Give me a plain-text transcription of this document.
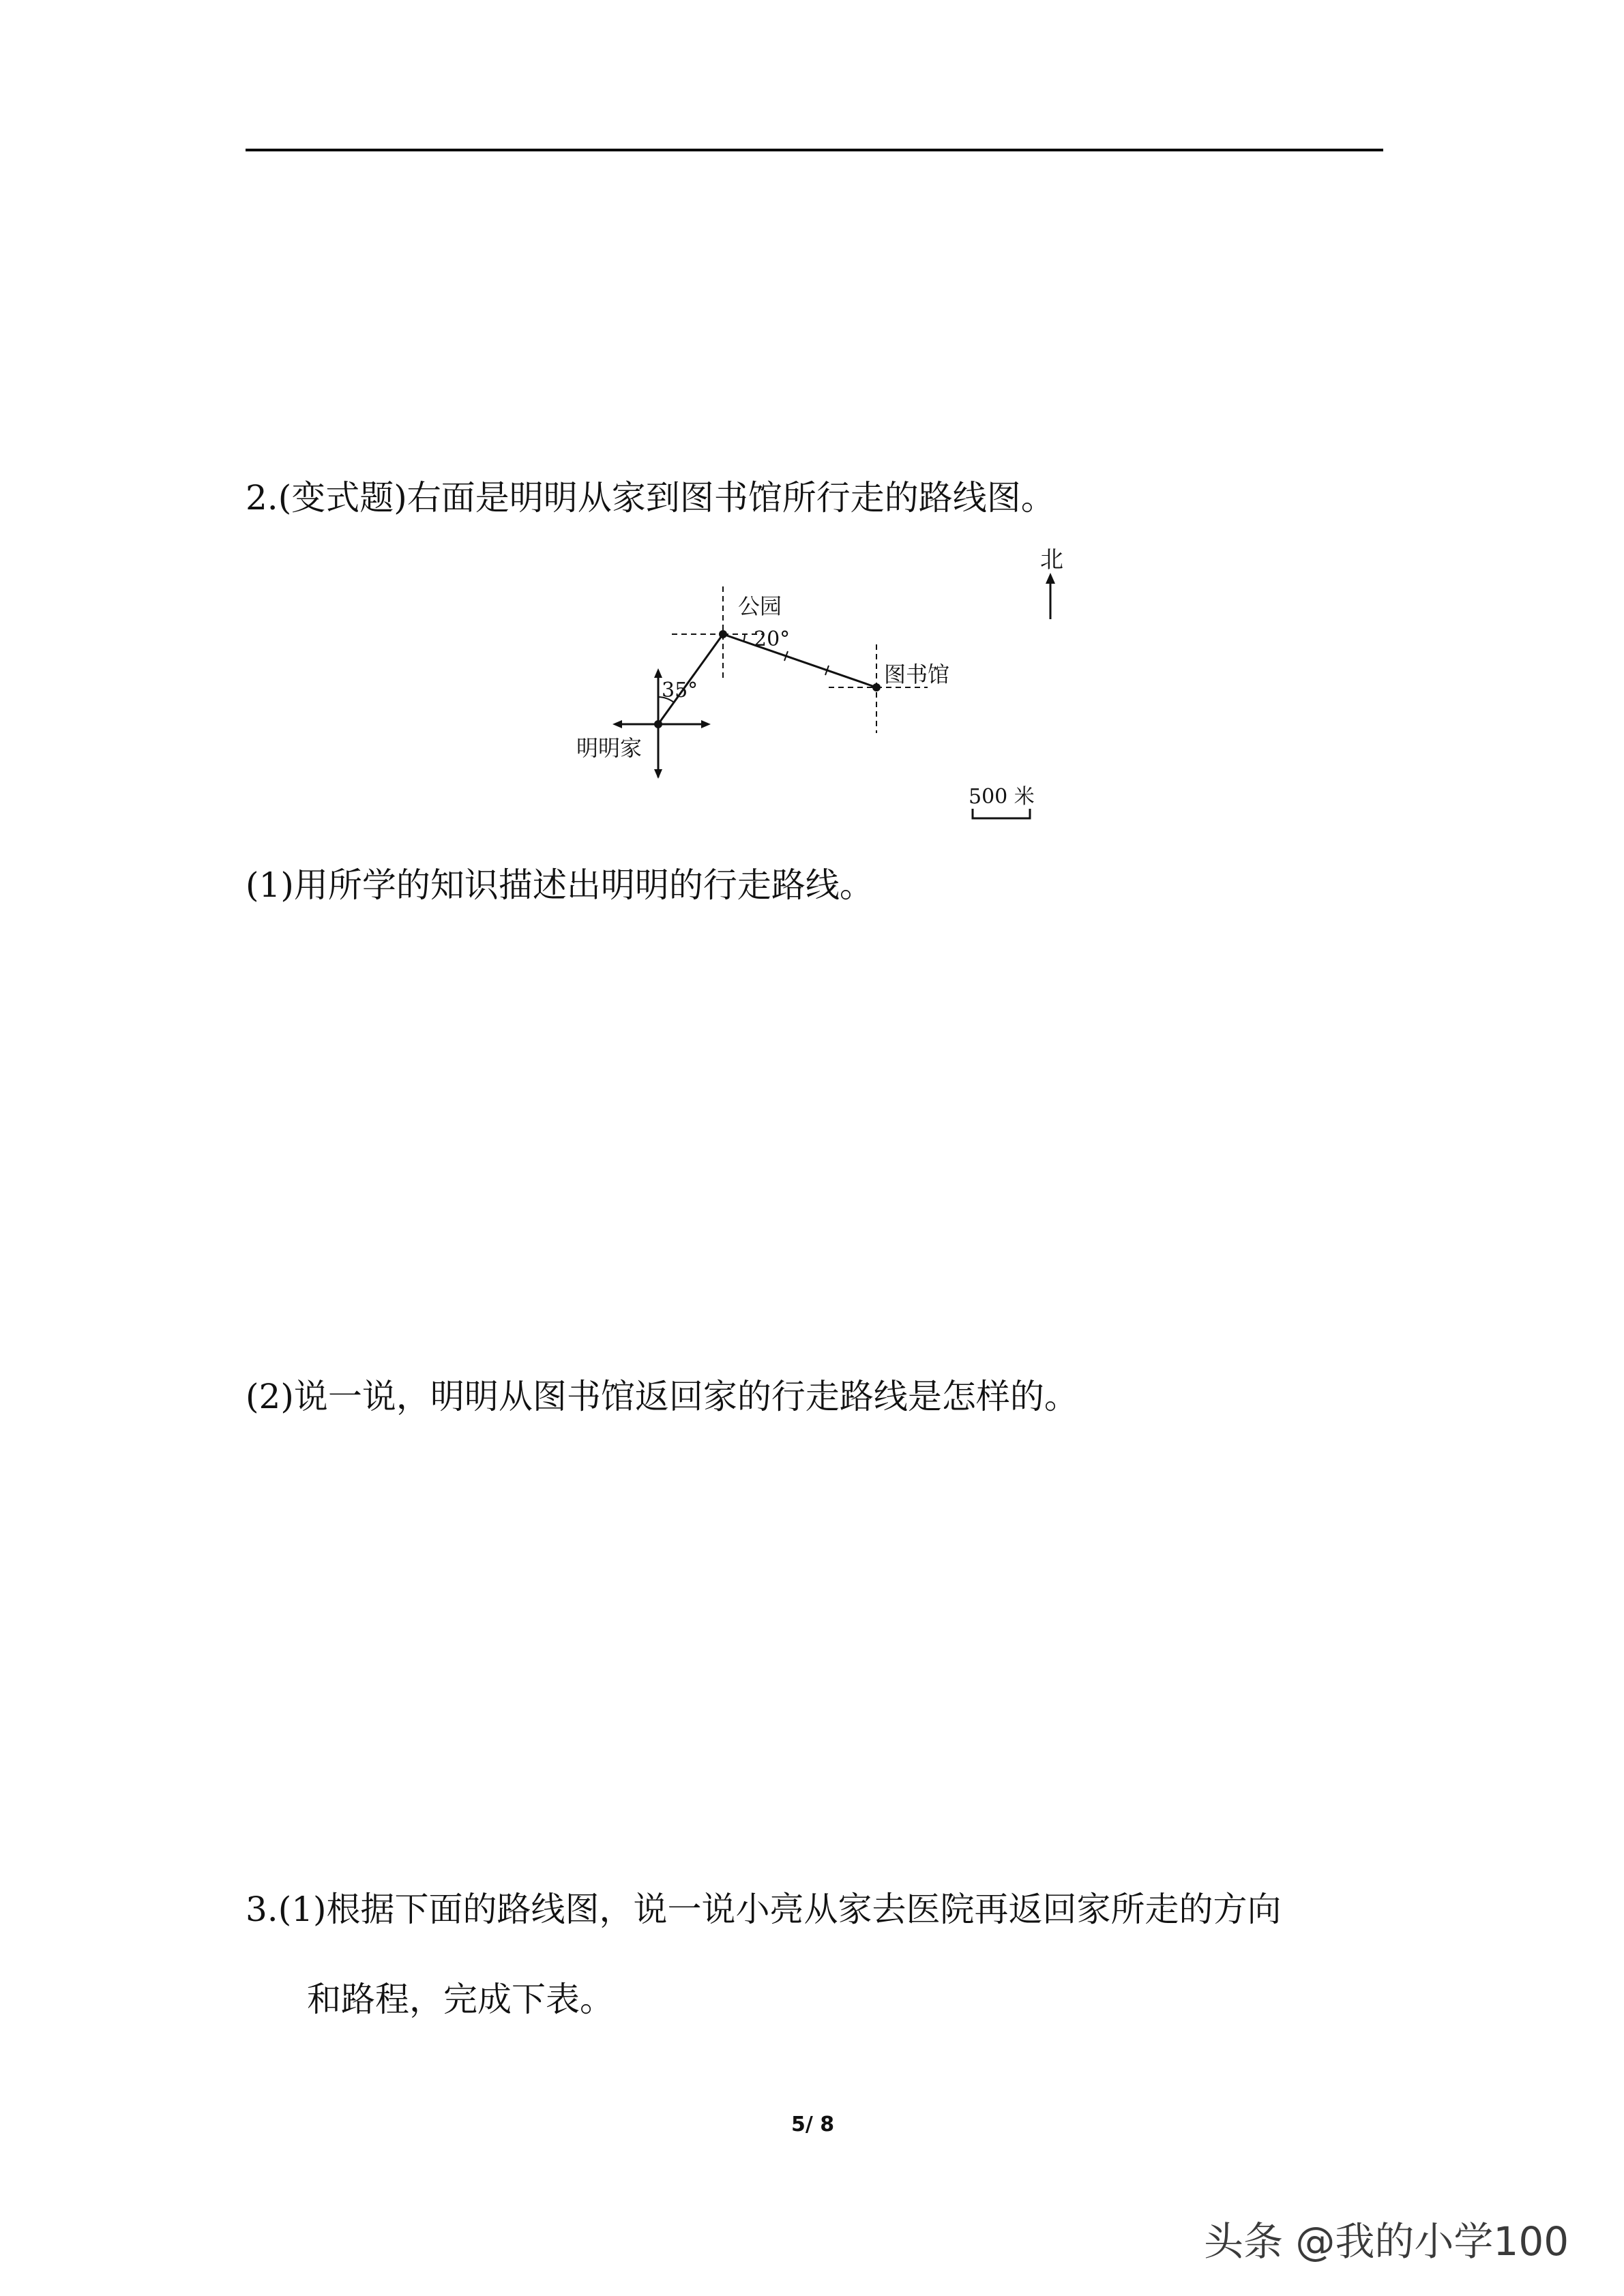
2.(变式题)右面是明明从家到图书馆所行走的路线图。
北
公园
图书馆
明明家
35°
20°
500 米
(1)用所学的知识描述出明明的行走路线。
(2)说一说，明明从图书馆返回家的行走路线是怎样的。
3.(1)根据下面的路线图，说一说小亮从家去医院再返回家所走的方向
和路程，完成下表。
5/ 8
头条 @我的小学100
